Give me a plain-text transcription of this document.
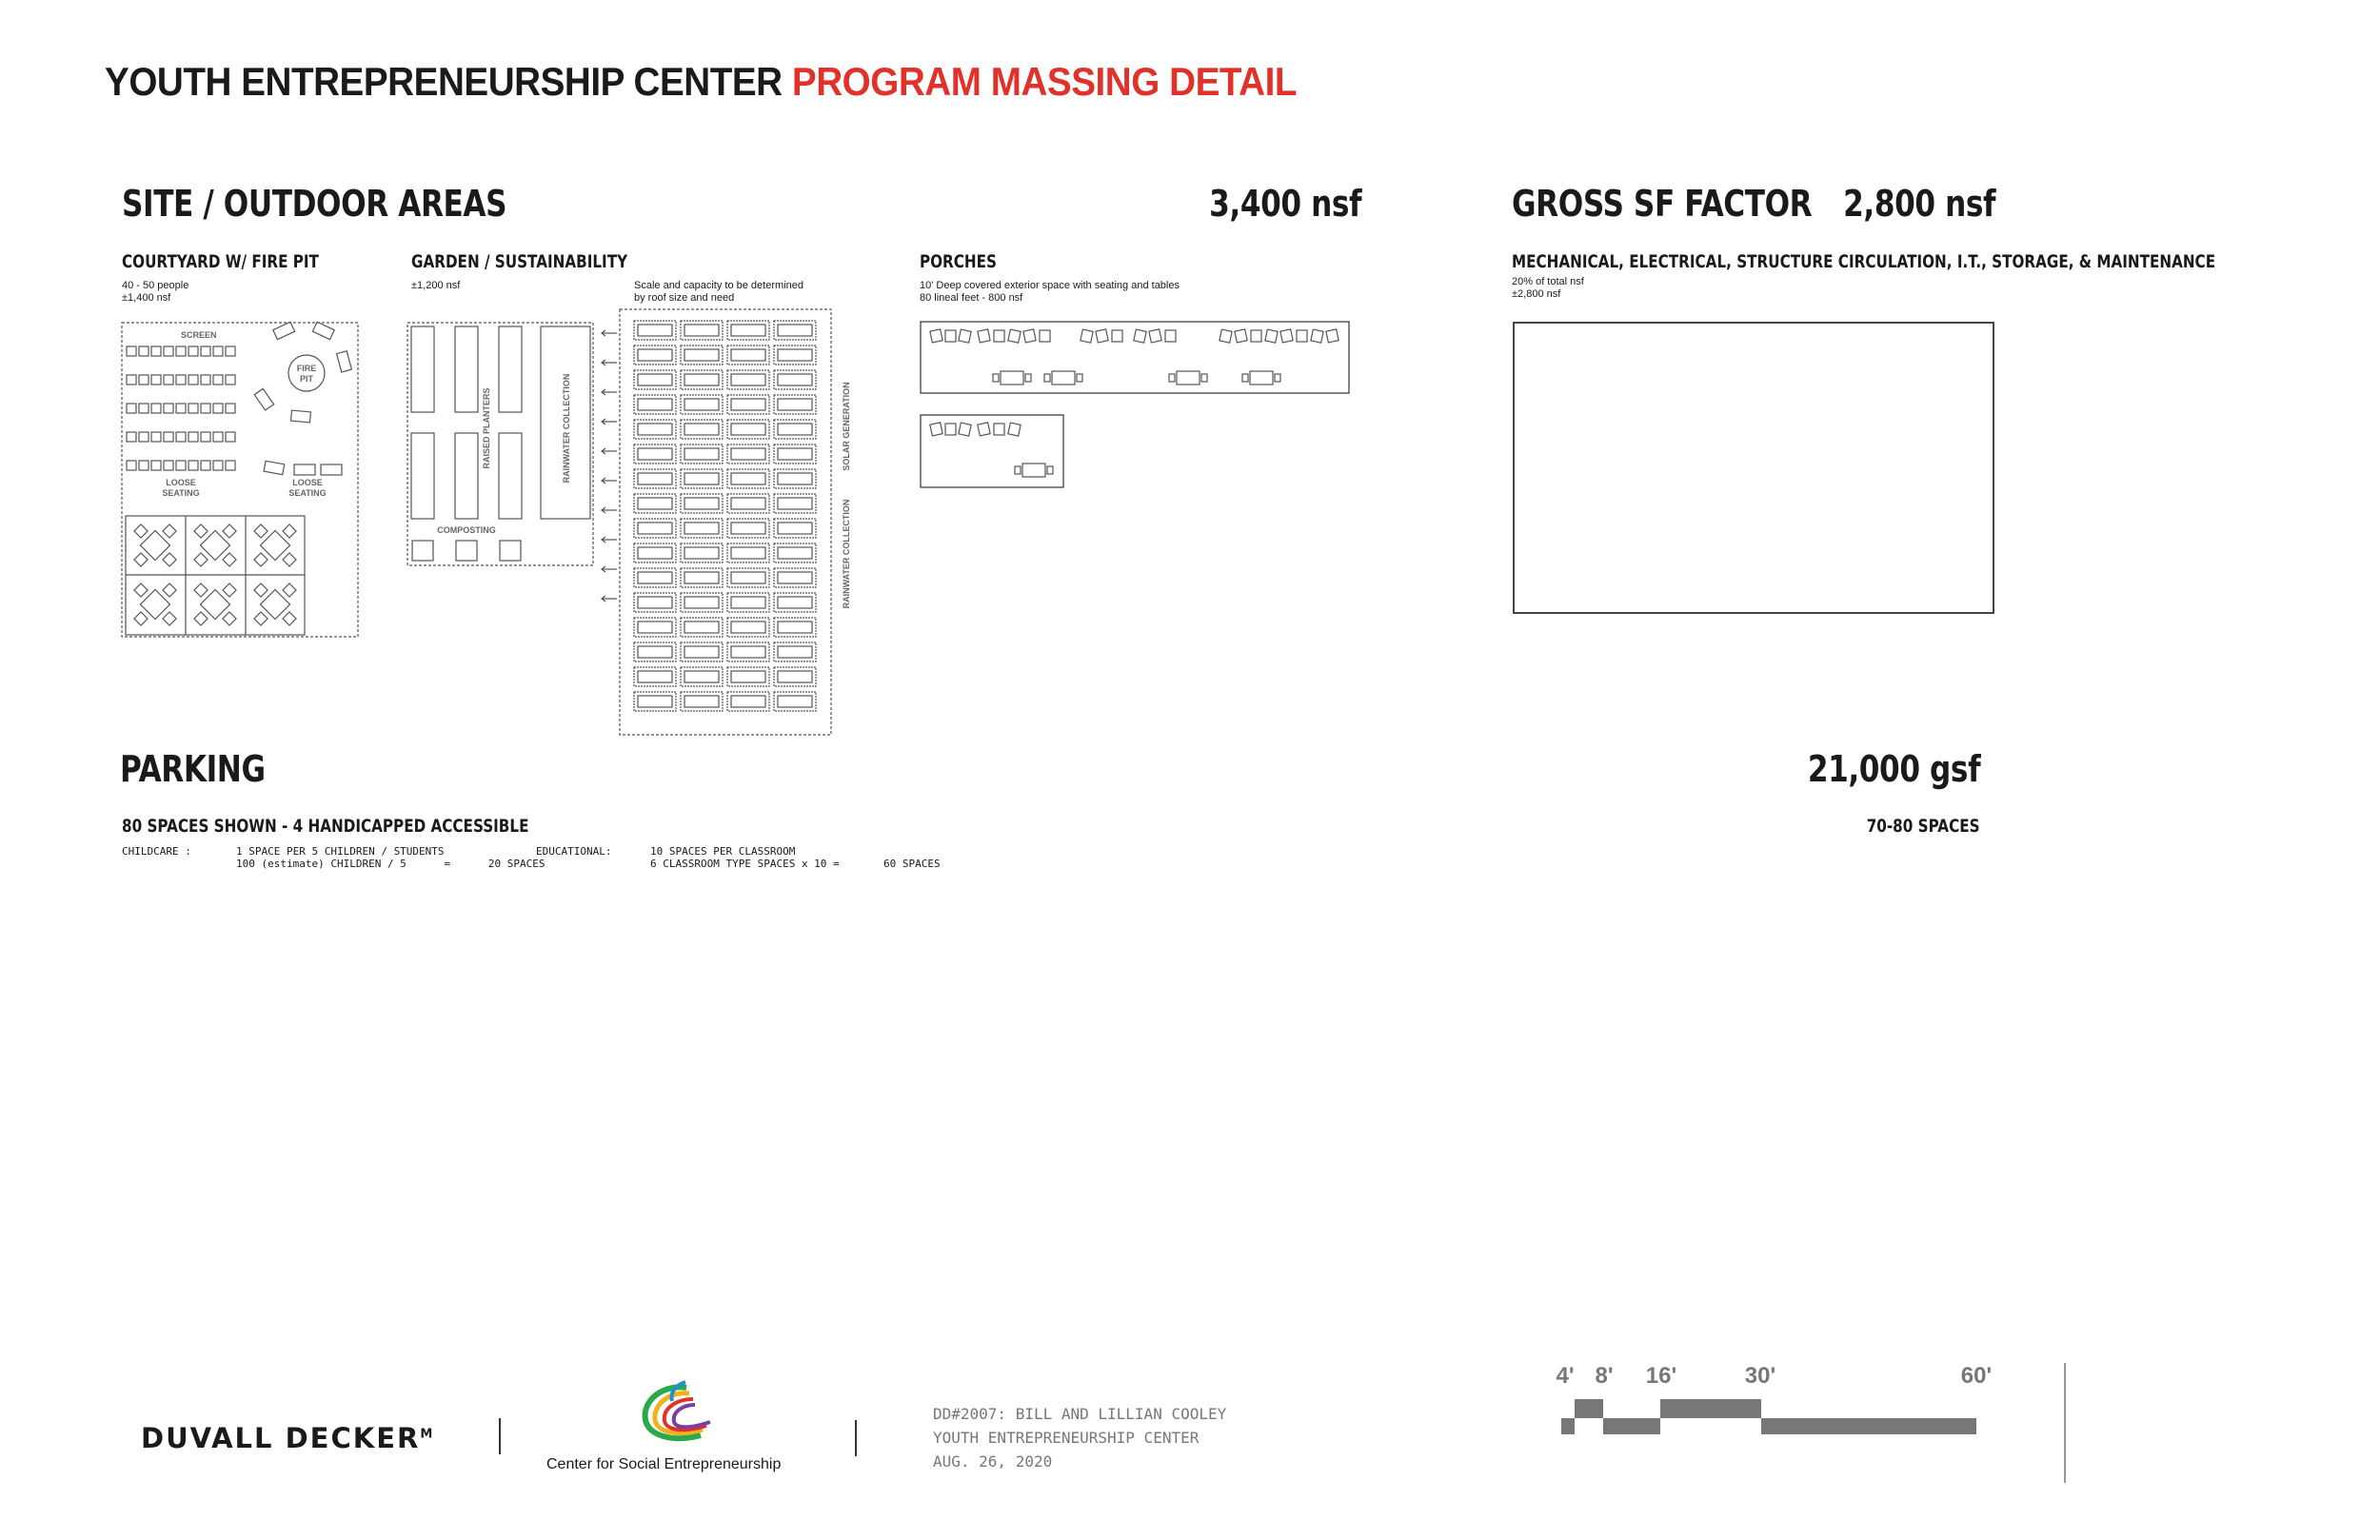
YOUTH ENTREPRENEURSHIP CENTER PROGRAM MASSING DETAIL
SITE / OUTDOOR AREAS	3,400 nsf
COURTYARD W/ FIRE PIT
40 - 50 people
±1,400 nsf
GARDEN / SUSTAINABILITY
±1,200 nsf	Scale and capacity to be determined
by roof size and need
PORCHES
10' Deep covered exterior space with seating and tables
80 lineal feet - 800 nsf
GROSS SF FACTOR 2,800 nsf
MECHANICAL, ELECTRICAL, STRUCTURE CIRCULATION, I.T., STORAGE, & MAINTENANCE
20% of total nsf
±2,800 nsf
PARKING	21,000 gsf
80 SPACES SHOWN - 4 HANDICAPPED ACCESSIBLE	70-80 SPACES
CHILDCARE :	1 SPACE PER 5 CHILDREN / STUDENTS
100 (estimate) CHILDREN / 5      =      20 SPACES
EDUCATIONAL:	10 SPACES PER CLASSROOM
6 CLASSROOM TYPE SPACES x 10 =       60 SPACES
SCREEN
FIRE
PIT
LOOSE
SEATING
LOOSE
SEATING
RAISED PLANTERS	RAINWATER COLLECTION
COMPOSTING
SOLAR GENERATION
RAINWATER COLLECTION
DUVALL $DECKER^M$
Center for Social Entrepreneurship
DD#2007: BILL AND LILLIAN COOLEY
YOUTH ENTREPRENEURSHIP CENTER
AUG. 26, 2020
4' 8' 16'	30'	60'
